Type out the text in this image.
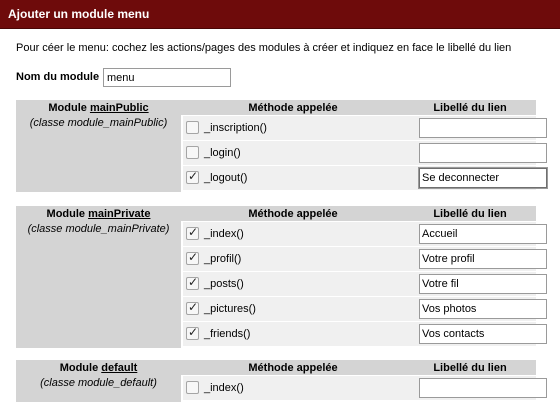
Ajouter un module menu
Pour céer le menu: cochez les actions/pages des modules à créer et indiquez en face le libellé du lien
Nom du module
menu
Module mainPublic	Méthode appelée	Libellé du lien
(classe module_mainPublic)	_inscription()
_login()
✓
_logout()
Se deconnecter
Module mainPrivate	Méthode appelée	Libellé du lien
(classe module_mainPrivate)
✓	_index()
Accueil
✓
_profil()
Votre profil
✓
_posts()
Votre fil
✓
_pictures()
Vos photos
✓
_friends()
Vos contacts
Module default	Méthode appelée	Libellé du lien
(classe module_default)	_index()
